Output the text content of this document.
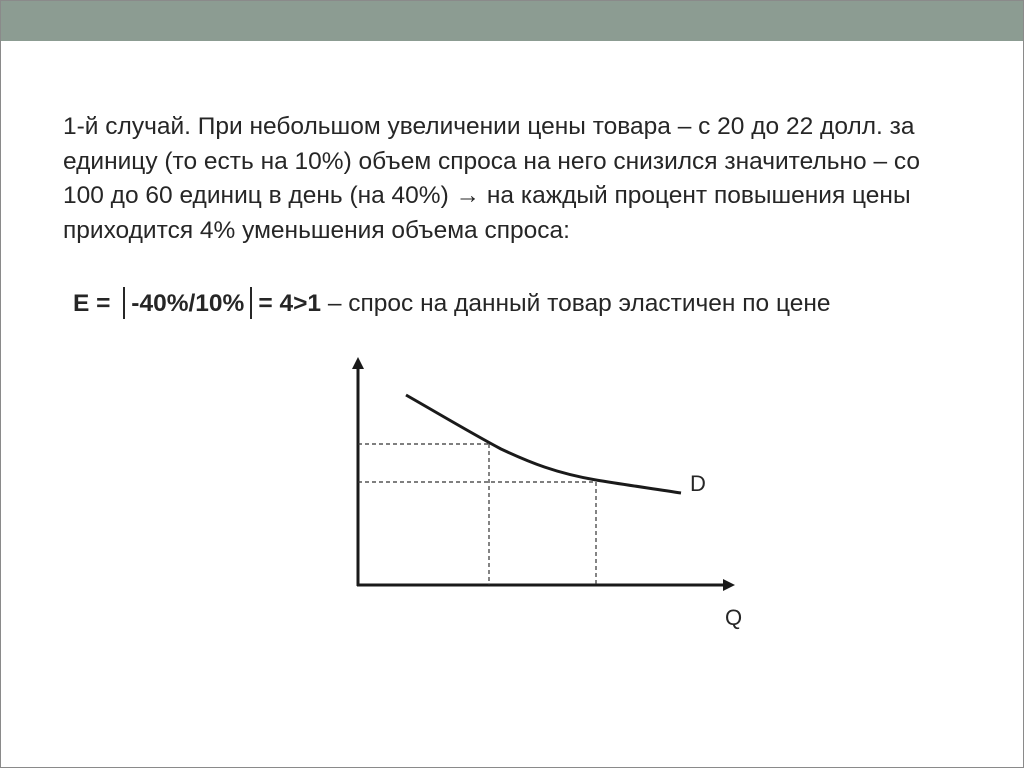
1-й случай. При небольшом увеличении цены товара – с 20 до 22 долл. за единицу (то есть на 10%) объем спроса на него снизился значительно – со 100 до 60 единиц в день (на 40%) → на каждый процент повышения цены приходится 4% уменьшения объема спроса:

E = -40%/10% = 4>1 – спрос на данный товар эластичен по цене
D
Q
